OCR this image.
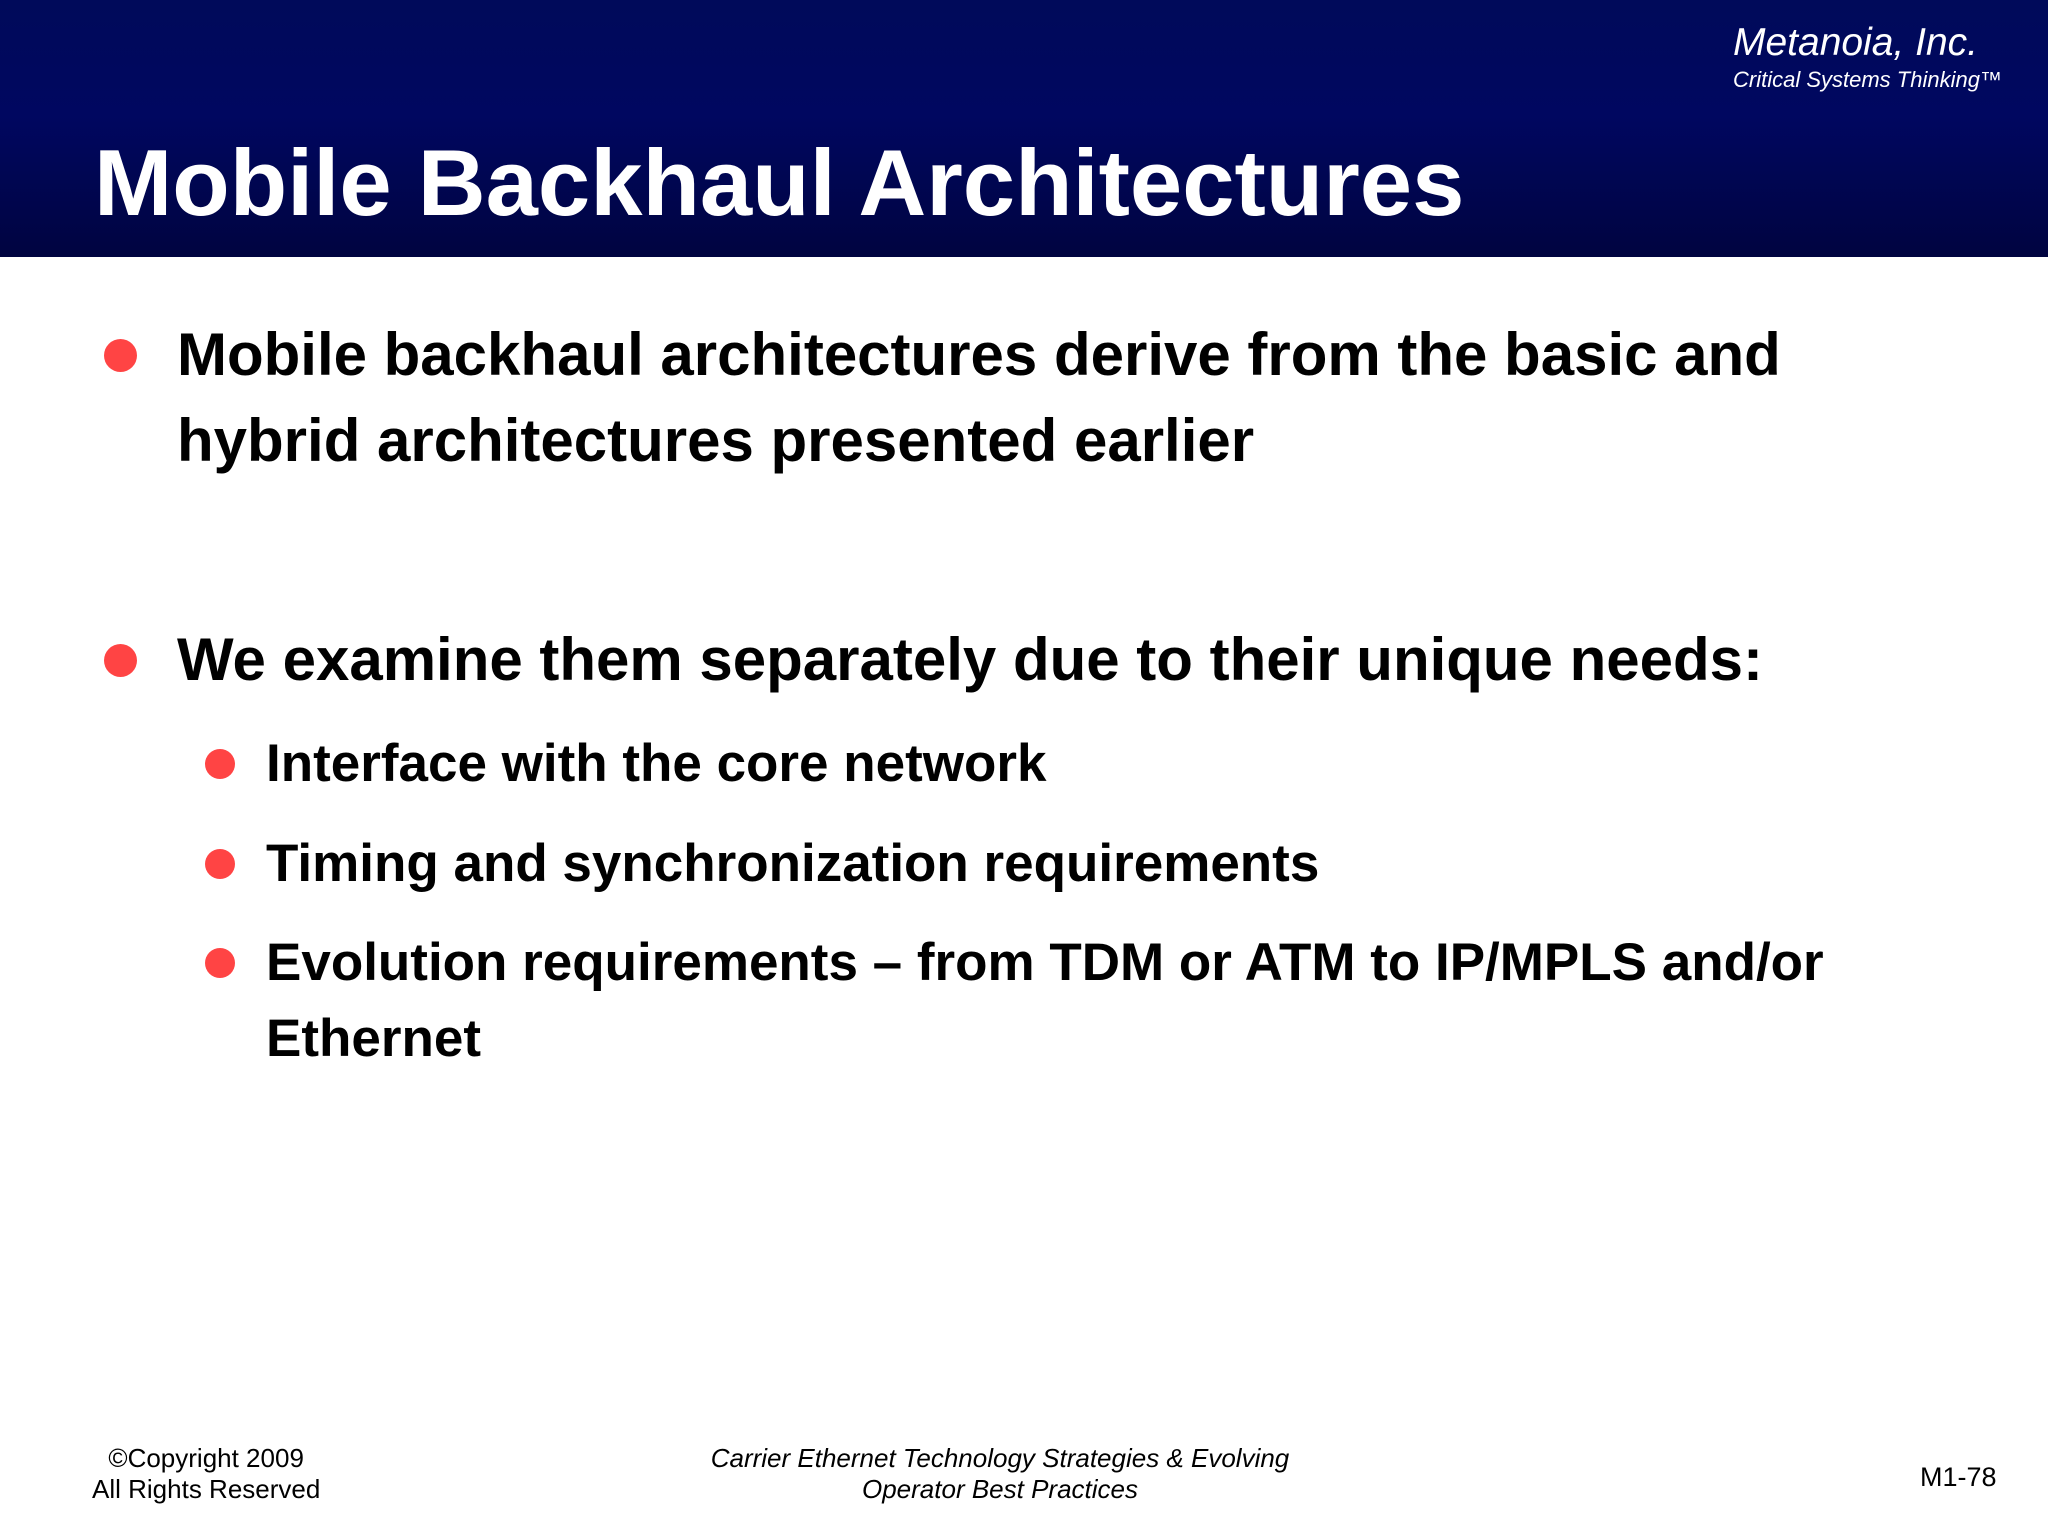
Metanoia, Inc.
Critical Systems Thinking™
Mobile Backhaul Architectures
Mobile backhaul architectures derive from the basic and hybrid architectures presented earlier
We examine them separately due to their unique needs:
Interface with the core network
Timing and synchronization requirements
Evolution requirements – from TDM or ATM to IP/MPLS and/or Ethernet
©Copyright 2009
All Rights Reserved
Carrier Ethernet Technology Strategies & Evolving
Operator Best Practices	M1-78
